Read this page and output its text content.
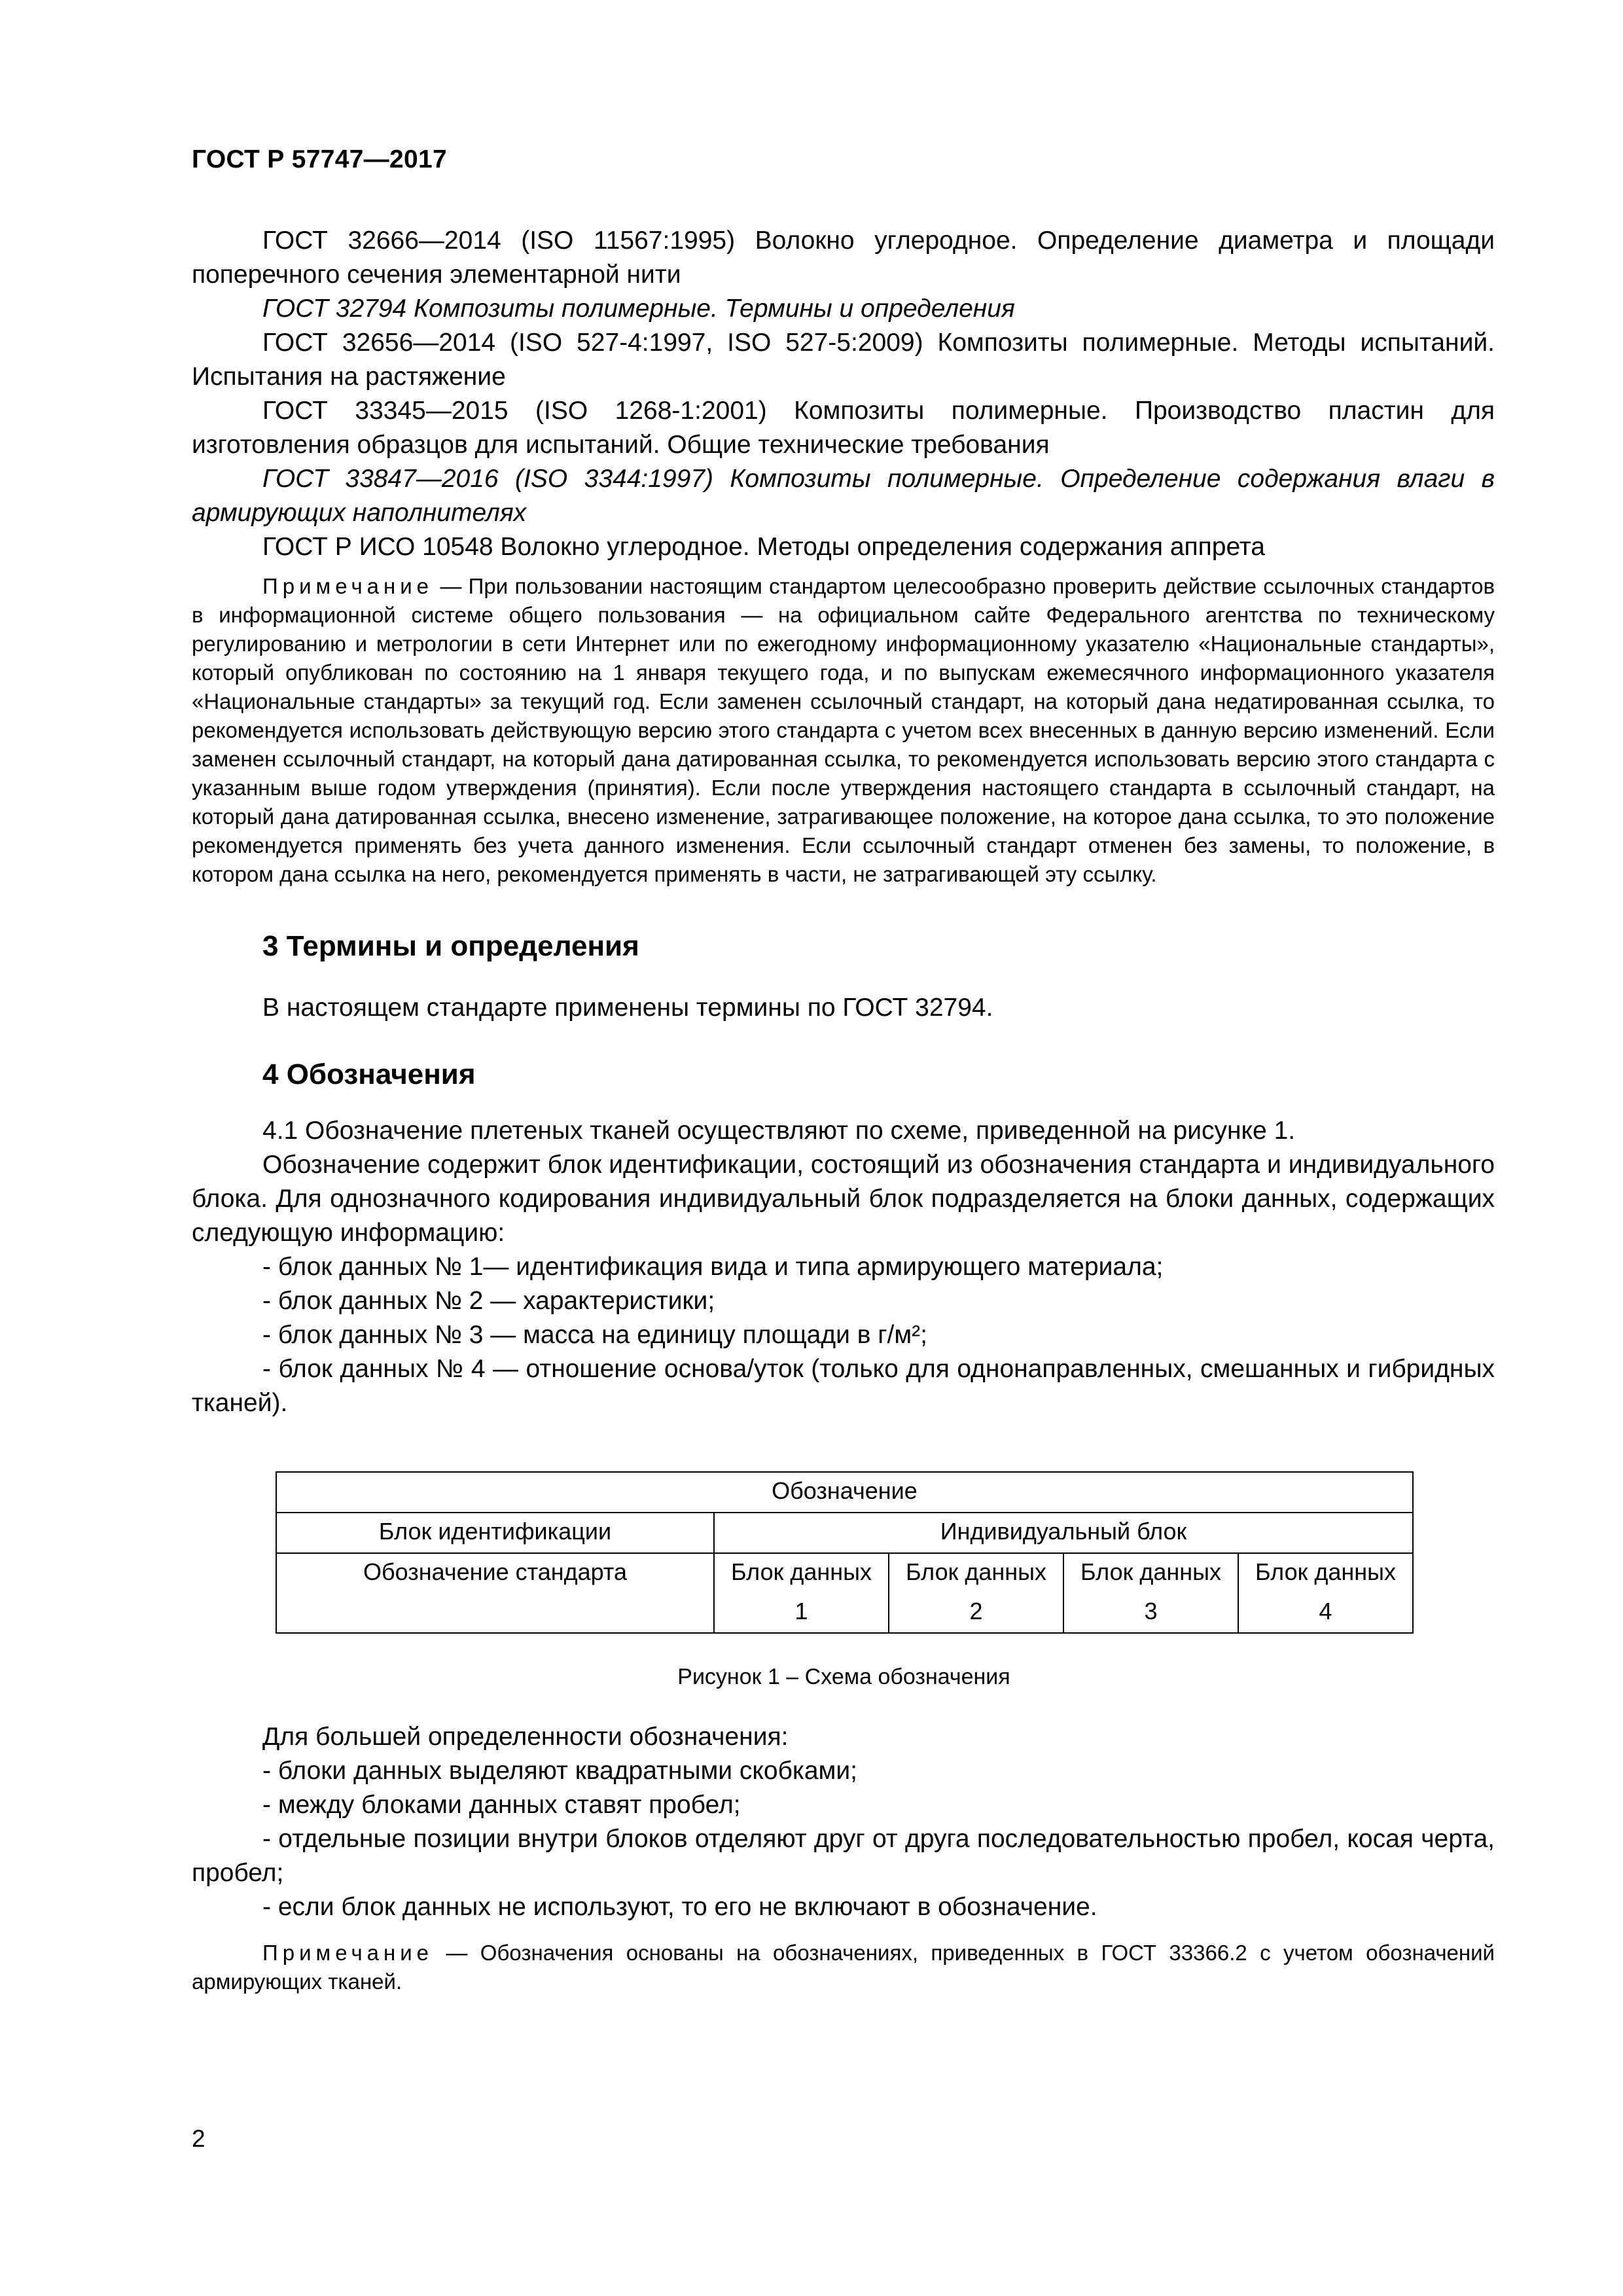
ГОСТ Р 57747—2017

ГОСТ 32666—2014 (ISO 11567:1995) Волокно углеродное. Определение диаметра и площади поперечного сечения элементарной нити

ГОСТ 32794 Композиты полимерные. Термины и определения

ГОСТ 32656—2014 (ISO 527-4:1997, ISO 527-5:2009) Композиты полимерные. Методы испытаний. Испытания на растяжение

ГОСТ 33345—2015 (ISO 1268-1:2001) Композиты полимерные. Производство пластин для изготовления образцов для испытаний. Общие технические требования

ГОСТ 33847—2016 (ISO 3344:1997) Композиты полимерные. Определение содержания влаги в армирующих наполнителях

ГОСТ Р ИСО 10548 Волокно углеродное. Методы определения содержания аппрета

Примечание — При пользовании настоящим стандартом целесообразно проверить действие ссылочных стандартов в информационной системе общего пользования — на официальном сайте Федерального агентства по техническому регулированию и метрологии в сети Интернет или по ежегодному информационному указателю «Национальные стандарты», который опубликован по состоянию на 1 января текущего года, и по выпускам ежемесячного информационного указателя «Национальные стандарты» за текущий год. Если заменен ссылочный стандарт, на который дана недатированная ссылка, то рекомендуется использовать действующую версию этого стандарта с учетом всех внесенных в данную версию изменений. Если заменен ссылочный стандарт, на который дана датированная ссылка, то рекомендуется использовать версию этого стандарта с указанным выше годом утверждения (принятия). Если после утверждения настоящего стандарта в ссылочный стандарт, на который дана датированная ссылка, внесено изменение, затрагивающее положение, на которое дана ссылка, то это положение рекомендуется применять без учета данного изменения. Если ссылочный стандарт отменен без замены, то положение, в котором дана ссылка на него, рекомендуется применять в части, не затрагивающей эту ссылку.

3 Термины и определения

В настоящем стандарте применены термины по ГОСТ 32794.

4 Обозначения

4.1 Обозначение плетеных тканей осуществляют по схеме, приведенной на рисунке 1.

Обозначение содержит блок идентификации, состоящий из обозначения стандарта и индивидуального блока. Для однозначного кодирования индивидуальный блок подразделяется на блоки данных, содержащих следующую информацию:

- блок данных № 1— идентификация вида и типа армирующего материала;

- блок данных № 2 — характеристики;

- блок данных № 3 — масса на единицу площади в г/м²;

- блок данных № 4 — отношение основа/уток (только для однонаправленных, смешанных и гибридных тканей).

Обозначение				
Блок идентификации	Индивидуальный блок			
Обозначение стандарта	Блок данных	Блок данных	Блок данных	Блок данных
	1	2	3	4
Рисунок 1 – Схема обозначения

Для большей определенности обозначения:

- блоки данных выделяют квадратными скобками;

- между блоками данных ставят пробел;

- отдельные позиции внутри блоков отделяют друг от друга последовательностью пробел, косая черта, пробел;

- если блок данных не используют, то его не включают в обозначение.

Примечание — Обозначения основаны на обозначениях, приведенных в ГОСТ 33366.2 с учетом обозначений армирующих тканей.

2
